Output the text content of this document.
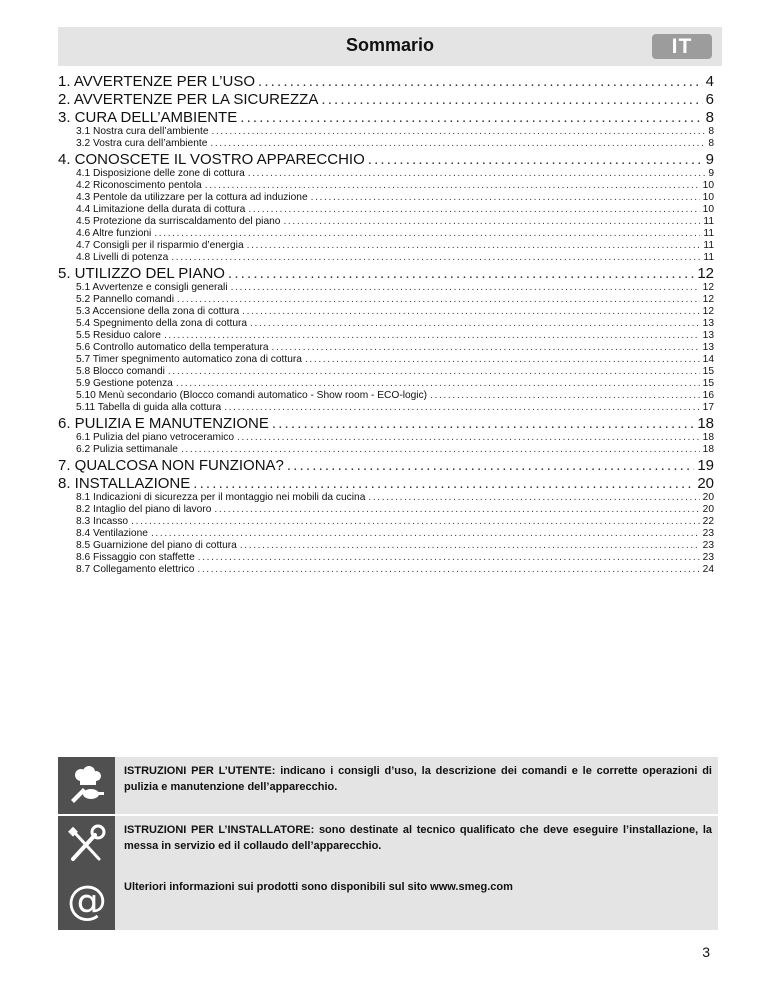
Sommario	IT
1. AVVERTENZE PER L’USO . . .	4
2. AVVERTENZE PER LA SICUREZZA . . .	6
3. CURA DELL’AMBIENTE . . .	8
3.1 Nostra cura dell’ambiente . . .	8
3.2 Vostra cura dell’ambiente . . .	8
4. CONOSCETE IL VOSTRO APPARECCHIO . . .	9
4.1 Disposizione delle zone di cottura . . .	9
4.2 Riconoscimento pentola . . .	10
4.3 Pentole da utilizzare per la cottura ad induzione . . .	10
4.4 Limitazione della durata di cottura . . .	10
4.5 Protezione da surriscaldamento del piano . . .	11
4.6 Altre funzioni . . .	11
4.7 Consigli per il risparmio d’energia . . .	11
4.8 Livelli di potenza . . .	11
5. UTILIZZO DEL PIANO . . .	12
5.1 Avvertenze e consigli generali . . .	12
5.2 Pannello comandi . . .	12
5.3 Accensione della zona di cottura . . .	12
5.4 Spegnimento della zona di cottura . . .	13
5.5 Residuo calore . . .	13
5.6 Controllo automatico della temperatura . . .	13
5.7 Timer spegnimento automatico zona di cottura . . .	14
5.8 Blocco comandi . . .	15
5.9 Gestione potenza . . .	15
5.10 Menù secondario (Blocco comandi automatico - Show room - ECO-logic) . . .	16
5.11 Tabella di guida alla cottura . . .	17
6. PULIZIA E MANUTENZIONE . . .	18
6.1 Pulizia del piano vetroceramico . . .	18
6.2 Pulizia settimanale . . .	18
7. QUALCOSA NON FUNZIONA? . . .	19
8. INSTALLAZIONE . . .	20
8.1 Indicazioni di sicurezza per il montaggio nei mobili da cucina . . .	20
8.2 Intaglio del piano di lavoro . . .	20
8.3 Incasso . . .	22
8.4 Ventilazione . . .	23
8.5 Guarnizione del piano di cottura . . .	23
8.6 Fissaggio con staffette . . .	23
8.7 Collegamento elettrico . . .	24
ISTRUZIONI PER L’UTENTE: indicano i consigli d’uso, la descrizione dei comandi e le corrette operazioni di pulizia e manutenzione dell’apparecchio.
ISTRUZIONI PER L’INSTALLATORE: sono destinate al tecnico qualificato che deve eseguire l’installazione, la messa in servizio ed il collaudo dell’apparecchio.
@ Ulteriori informazioni sui prodotti sono disponibili sul sito www.smeg.com
3
